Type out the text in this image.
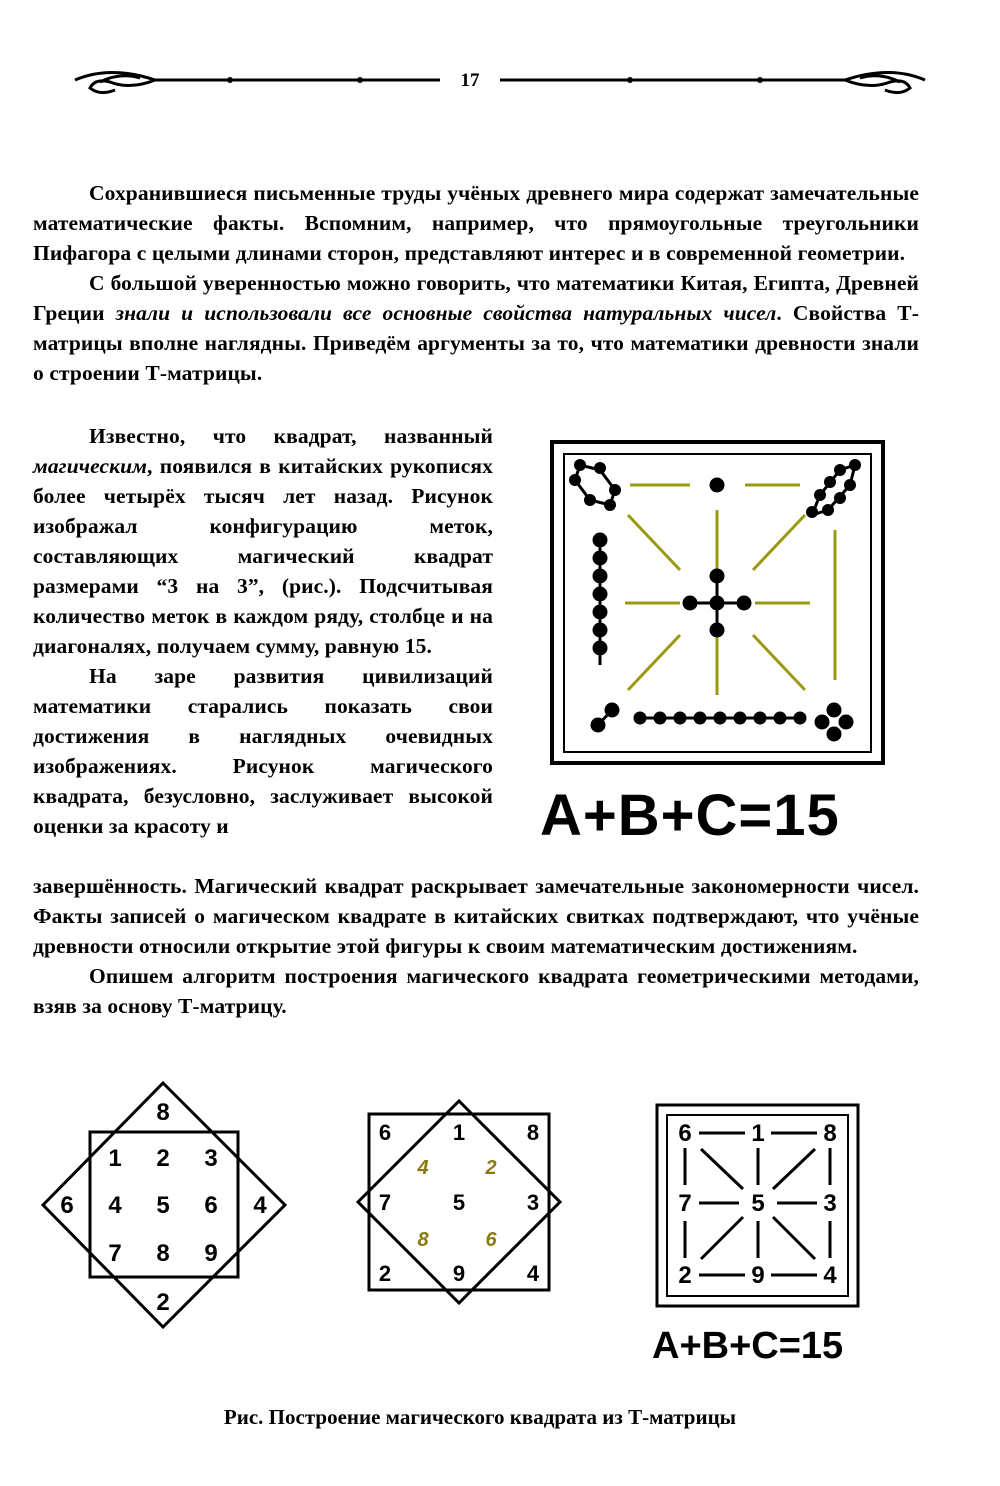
17

Сохранившиеся письменные труды учёных древнего мира содержат замечательные математические факты. Вспомним, например, что прямоугольные треугольники Пифагора с целыми длинами сторон, представляют интерес и в современной геометрии.

С большой уверенностью можно говорить, что математики Китая, Египта, Древней Греции знали и использовали все основные свойства натуральных чисел. Свойства Т-матрицы вполне наглядны. Приведём аргументы за то, что математики древности знали о строении Т-матрицы.

Известно, что квадрат, названный магическим, появился в китайских рукописях более четырёх тысяч лет назад. Рисунок изображал конфигурацию меток, составляющих магический квадрат размерами “3 на 3”, (рис.). Подсчитывая количество меток в каждом ряду, столбце и на диагоналях, получаем сумму, равную 15.

На заре развития цивилизаций математики старались показать свои достижения в наглядных очевидных изображениях. Рисунок магического квадрата, безусловно, заслуживает высокой оценки за красоту и	A+B+C=15

завершённость. Магический квадрат раскрывает замечательные закономерности чисел. Факты записей о магическом квадрате в китайских свитках подтверждают, что учёные древности относили открытие этой фигуры к своим математическим достижениям.

Опишем алгоритм построения магического квадрата геометрическими методами, взяв за основу Т-матрицу.

8
6	4
2
1 2 3
4 5 6
7 8 9
6	8
2	4
1
9
7	3
5
4	2
8	6
6 1 8
7 5 3
2 9 4
A+B+C=15
Рис. Построение магического квадрата из Т-матрицы
